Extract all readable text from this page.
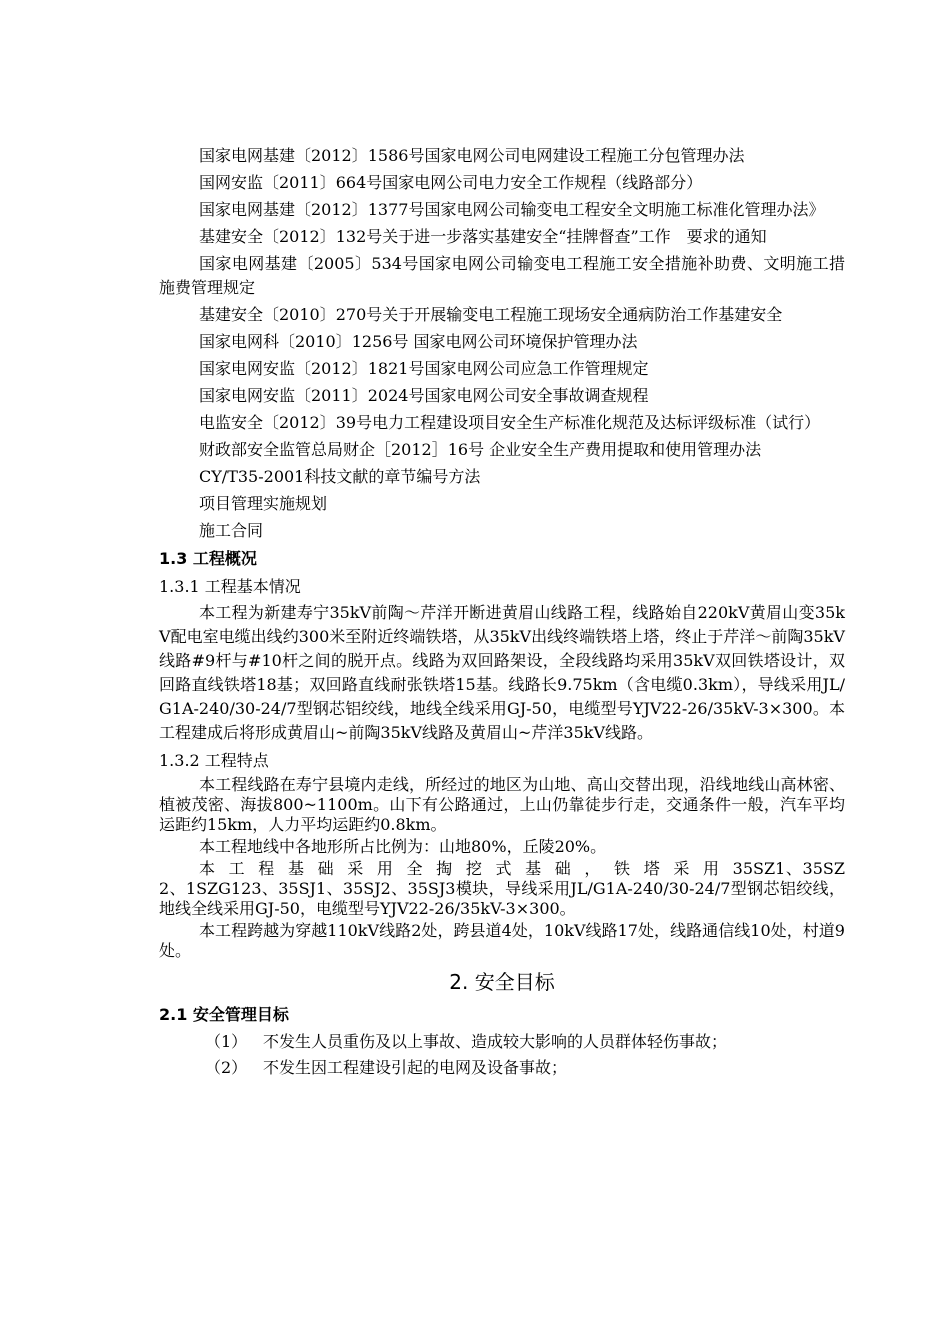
国家电网基建〔2012〕1586号国家电网公司电网建设工程施工分包管理办法

国网安监〔2011〕664号国家电网公司电力安全工作规程（线路部分）

国家电网基建〔2012〕1377号国家电网公司输变电工程安全文明施工标准化管理办法》

基建安全〔2012〕132号关于进一步落实基建安全“挂牌督查”工作　要求的通知

国家电网基建〔2005〕534号国家电网公司输变电工程施工安全措施补助费、文明施工措施费管理规定

基建安全〔2010〕270号关于开展输变电工程施工现场安全通病防治工作基建安全

国家电网科〔2010〕1256号 国家电网公司环境保护管理办法

国家电网安监〔2012〕1821号国家电网公司应急工作管理规定

国家电网安监〔2011〕2024号国家电网公司安全事故调查规程

电监安全〔2012〕39号电力工程建设项目安全生产标准化规范及达标评级标准（试行）

财政部安全监管总局财企［2012］16号 企业安全生产费用提取和使用管理办法

CY/T35-2001科技文献的章节编号方法

项目管理实施规划

施工合同

1.3 工程概况
1.3.1 工程基本情况

本工程为新建寿宁35kV前陶～芹洋开断进黄眉山线路工程，线路始自220kV黄眉山变35kV配电室电缆出线约300米至附近终端铁塔，从35kV出线终端铁塔上塔，终止于芹洋～前陶35kV线路#9杆与#10杆之间的脱开点。线路为双回路架设，全段线路均采用35kV双回铁塔设计，双回路直线铁塔18基；双回路直线耐张铁塔15基。线路长9.75km（含电缆0.3km），导线采用JL/G1A-240/30-24/7型钢芯铝绞线，地线全线采用GJ-50，电缆型号YJV22-26/35kV-3×300。本工程建成后将形成黄眉山~前陶35kV线路及黄眉山~芹洋35kV线路。

1.3.2 工程特点

本工程线路在寿宁县境内走线，所经过的地区为山地、高山交替出现，沿线地线山高林密、植被茂密、海拔800~1100m。山下有公路通过，上山仍靠徒步行走，交通条件一般，汽车平均运距约15km，人力平均运距约0.8km。

本工程地线中各地形所占比例为：山地80%，丘陵20%。

本工程基础采用全掏挖式基础，铁塔采用35SZ1、35SZ2、1SZG123、35SJ1、35SJ2、35SJ3模块，导线采用JL/G1A-240/30-24/7型钢芯铝绞线，地线全线采用GJ-50，电缆型号YJV22-26/35kV-3×300。

本工程跨越为穿越110kV线路2处，跨县道4处，10kV线路17处，线路通信线10处，村道9处。

2. 安全目标
2.1 安全管理目标

（1） 不发生人员重伤及以上事故、造成较大影响的人员群体轻伤事故；

（2） 不发生因工程建设引起的电网及设备事故；
